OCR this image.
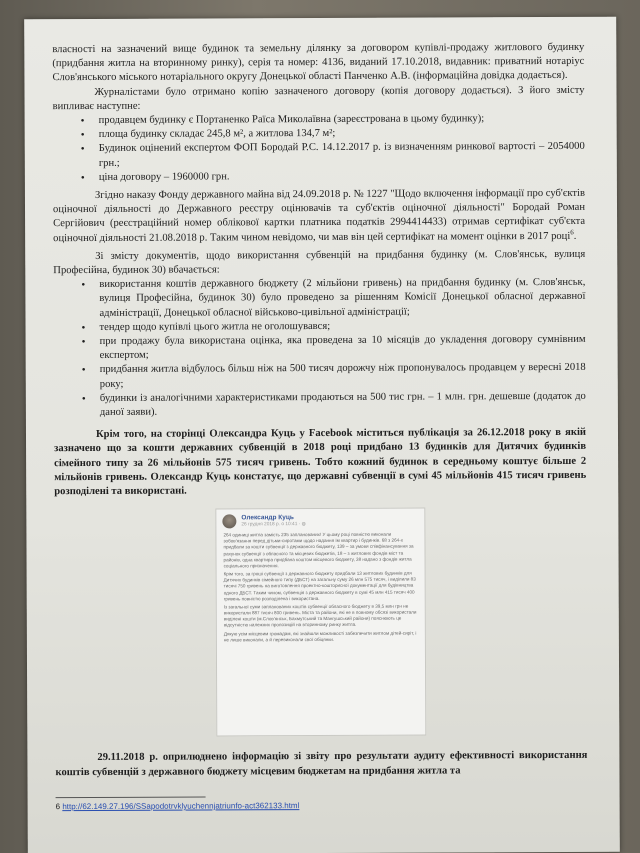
власності на зазначений вище будинок та земельну ділянку за договором купівлі-продажу житлового будинку (придбання житла на вторинному ринку), серія та номер: 4136, виданий 17.10.2018, видавник: приватний нотаріус Слов'янського міського нотаріального округу Донецької області Панченко А.В. (інформаційна довідка додається).

Журналістами було отримано копію зазначеного договору (копія договору додається). З його змісту випливає наступне:

• продавцем будинку є Портаненко Раїса Миколаївна (зареєстрована в цьому будинку);
• площа будинку складає 245,8 м², а житлова 134,7 м²;
• Будинок оцінений експертом ФОП Бородай Р.С. 14.12.2017 р. із визначенням ринкової вартості – 2054000 грн.;
• ціна договору – 1960000 грн.

Згідно наказу Фонду державного майна від 24.09.2018 р. № 1227 "Щодо включення інформації про суб'єктів оціночної діяльності до Державного реєстру оцінювачів та суб'єктів оціночної діяльності" Бородай Роман Сергійович (реєстраційний номер облікової картки платника податків 2994414433) отримав сертифікат суб'єкта оціночної діяльності 21.08.2018 р. Таким чином невідомо, чи мав він цей сертифікат на момент оцінки в 2017 році$^6$.

Зі змісту документів, щодо використання субвенцій на придбання будинку (м. Слов'янськ, вулиця Професійна, будинок 30) вбачається:

• використання коштів державного бюджету (2 мільйони гривень) на придбання будинку (м. Слов'янськ, вулиця Професійна, будинок 30) було проведено за рішенням Комісії Донецької обласної державної адміністрації, Донецької обласної військово-цивільної адміністрації;
• тендер щодо купівлі цього житла не оголошувався;
• при продажу була використана оцінка, яка проведена за 10 місяців до укладення договору сумнівним експертом;
• придбання житла відбулось більш ніж на 500 тисяч дорожчу ніж пропонувалось продавцем у вересні 2018 року;
• будинки із аналогічними характеристиками продаються на 500 тис грн. – 1 млн. грн. дешевше (додаток до даної заяви).

Крім того, на сторінці Олександра Куць у Facebook міститься публікація за 26.12.2018 року в якій зазначено що за кошти державних субвенцій в 2018 році придбано 13 будинків для Дитячих будинків сімейного типу за 26 мільйонів 575 тисяч гривень. Тобто кожний будинок в середньому коштує більше 2 мільйонів гривень. Олександр Куць констатує, що державні субвенції в сумі 45 мільйонів 415 тисяч гривень розподілені та використані.

Олександр Куць
26 грудня 2018 р. о 10:41 · ◍

264 одиниці житла замість 235 запланованих! У цьому році повністю виконали зобов'язання перед дітьми-сиротами щодо надання їм квартир і будинків. 68 з 264-х придбали за кошти субвенції з державного бюджету, 139 – за умови співфінансування за рахунок субвенції з обласного та місцевих бюджетів, 18 – з житлових фондів міст та районів, одна квартира придбана коштом місцевого бюджету, 38 надано з фондів житла соціального призначення.

Крім того, за гроші субвенції з державного бюджету придбали 13 житлових будинків для Дитячих будинків сімейного типу (ДБСТ) на загальну суму 26 млн 575 тисяч, і виділили 83 тисячі 750 гривень на виготовлення проектно-кошторисної документації для будівництва одного ДБСТ. Таким чином, субвенція з державного бюджету в сумі 45 млн 415 тисяч 400 гривень повністю розподілена і використана.

Із загальної суми запланованих коштів субвенції обласного бюджету в 39,5 млн грн не використали 887 тисяч 800 гривень. Міста та райони, які не в повному обсязі використали виділені кошти (м.Слов'янськ, Бахмутський та Мангушський райони) пояснюють це відсутністю належних пропозицій на вторинному ринку житла.

Дякую усім місцевим громадам, які знайшли можливості забезпечити житлом дітей-сиріт, і не лише виконали, а й перевиконали свої обіцянки.

29.11.2018 р. оприлюднено інформацію зі звіту про результати аудиту ефективності використання коштів субвенцій з державного бюджету місцевим бюджетам на придбання житла та

6 http://62.149.27.196/SSapodotrvklyuchennjatriunfo-act362133.html
